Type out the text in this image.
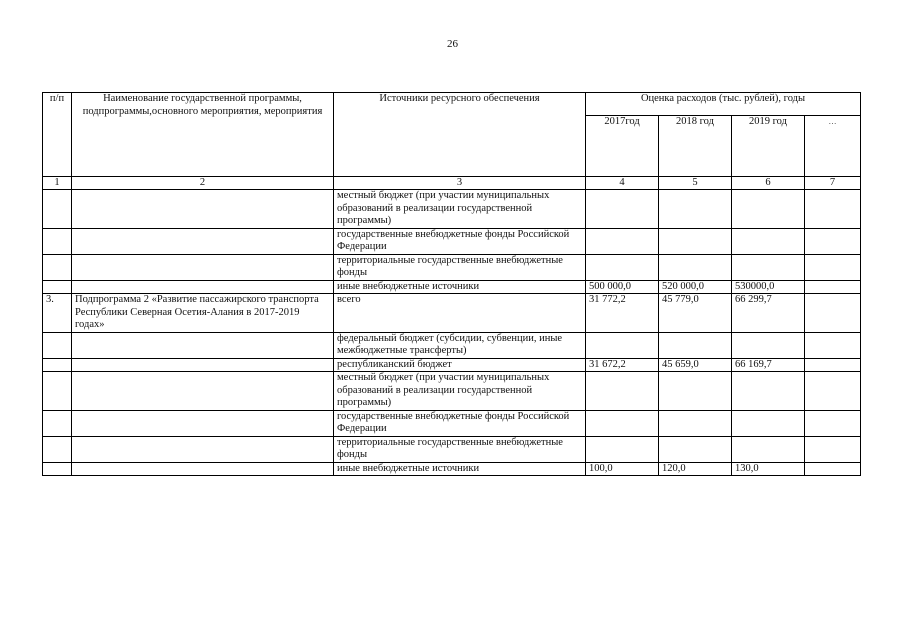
26
п/п	Наименование государственной программы, подпрограммы,основного мероприятия, мероприятия	Источники ресурсного обеспечения	Оценка расходов (тыс. рублей), годы			
			2017год	2018 год	2019 год	…
1	2	3	4	5	6	7
		местный бюджет (при участии муниципальных образований в реализации государственной программы)				
		государственные внебюджетные фонды Российской Федерации				
		территориальные государственные внебюджетные фонды				
		иные внебюджетные источники	500 000,0	520 000,0	530000,0	
3.	Подпрограмма 2 «Развитие пассажирского транспорта Республики Северная Осетия-Алания в 2017-2019 годах»	всего	31 772,2	45 779,0	66 299,7	
		федеральный бюджет (субсидии, субвенции, иные межбюджетные трансферты)				
		республиканский бюджет	31 672,2	45 659,0	66 169,7	
		местный бюджет (при участии муниципальных образований в реализации государственной программы)				
		государственные внебюджетные фонды Российской Федерации				
		территориальные государственные внебюджетные фонды				
		иные внебюджетные источники	100,0	120,0	130,0	
